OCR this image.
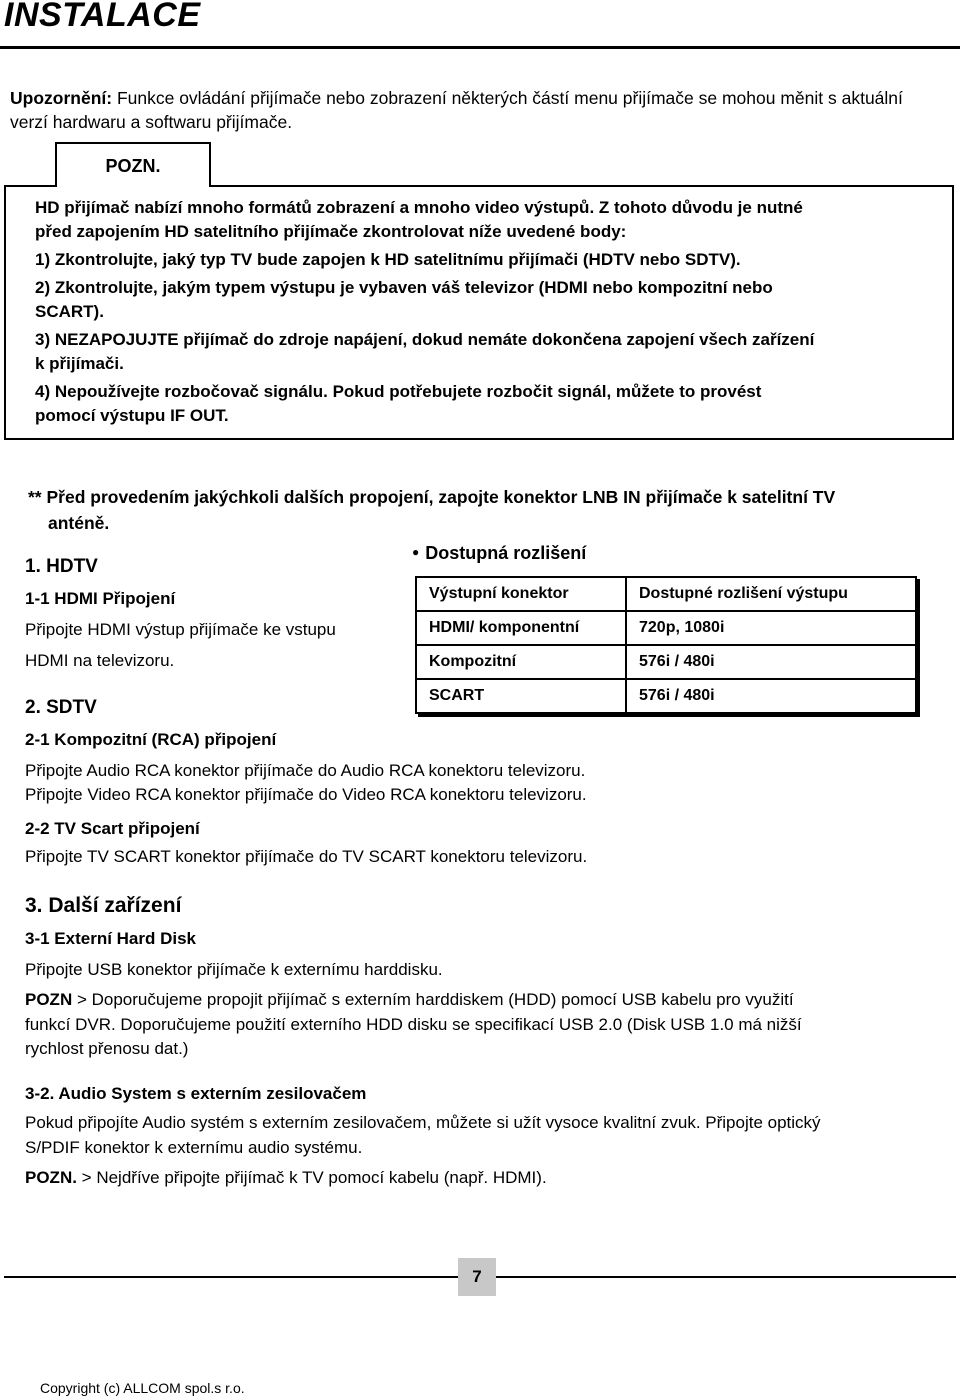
INSTALACE
Upozornění: Funkce ovládání přijímače nebo zobrazení některých částí menu přijímače se mohou měnit s aktuální verzí hardwaru a softwaru přijímače.
POZN.
HD přijímač nabízí mnoho formátů zobrazení a mnoho video výstupů. Z tohoto důvodu je nutné
před zapojením HD satelitního přijímače zkontrolovat níže uvedené body:
1) Zkontrolujte, jaký typ TV bude zapojen k HD satelitnímu přijímači (HDTV nebo SDTV).
2) Zkontrolujte, jakým typem výstupu je vybaven váš televizor (HDMI nebo kompozitní nebo
SCART).
3) NEZAPOJUJTE přijímač do zdroje napájení, dokud nemáte dokončena zapojení všech zařízení
k přijímači.
4) Nepoužívejte rozbočovač signálu. Pokud potřebujete rozbočit signál, můžete to provést
pomocí výstupu IF OUT.
** Před provedením jakýchkoli dalších propojení, zapojte konektor LNB IN přijímače k satelitní TV
anténě.
1. HDTV
1-1 HDMI Připojení
Připojte HDMI výstup přijímače ke vstupu
HDMI na televizoru.
● Dostupná rozlišení
Výstupní konektor	Dostupné rozlišení výstupu
HDMI/ komponentní	720p, 1080i
Kompozitní	576i / 480i
SCART	576i / 480i
2. SDTV
2-1 Kompozitní (RCA) připojení
Připojte Audio RCA konektor přijímače do Audio RCA konektoru televizoru.
Připojte Video RCA konektor přijímače do Video RCA konektoru televizoru.
2-2 TV Scart připojení
Připojte TV SCART konektor přijímače do TV SCART konektoru televizoru.
3. Další zařízení
3-1 Externí Hard Disk
Připojte USB konektor přijímače k externímu harddisku.
POZN > Doporučujeme propojit přijímač s externím harddiskem (HDD) pomocí USB kabelu pro využití
funkcí DVR. Doporučujeme použití externího HDD disku se specifikací USB 2.0 (Disk USB 1.0 má nižší
rychlost přenosu dat.)
3-2. Audio System s externím zesilovačem
Pokud připojíte Audio systém s externím zesilovačem, můžete si užít vysoce kvalitní zvuk. Připojte optický
S/PDIF konektor k externímu audio systému.
POZN. > Nejdříve připojte přijímač k TV pomocí kabelu (např. HDMI).
7
Copyright (c) ALLCOM spol.s r.o.
